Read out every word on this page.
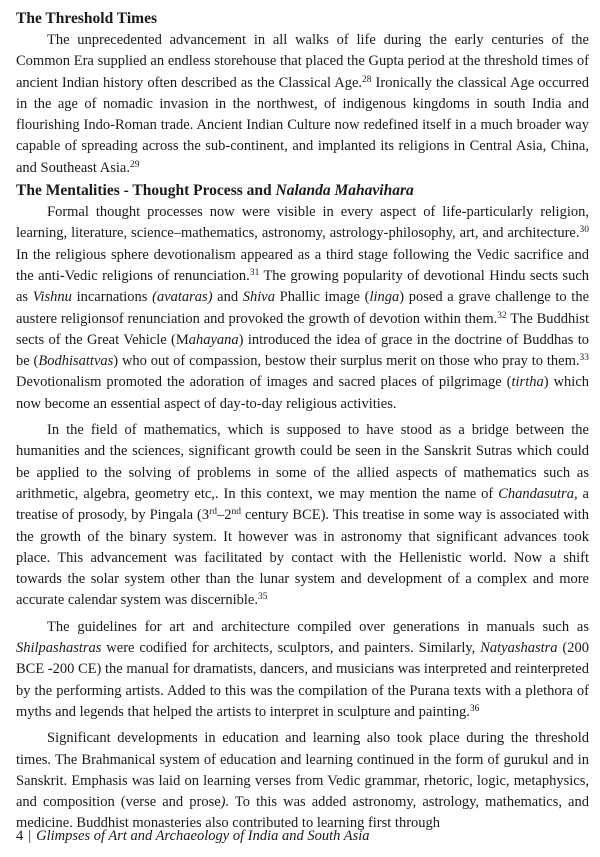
The Threshold Times

The unprecedented advancement in all walks of life during the early centuries of the Common Era supplied an endless storehouse that placed the Gupta period at the threshold times of ancient Indian history often described as the Classical Age.$^{28}$ Ironically the classical Age occurred in the age of nomadic invasion in the northwest, of indigenous kingdoms in south India and flourishing Indo-Roman trade. Ancient Indian Culture now redefined itself in a much broader way capable of spreading across the sub-continent, and implanted its religions in Central Asia, China, and Southeast Asia.$^{29}$

The Mentalities - Thought Process and Nalanda Mahavihara

Formal thought processes now were visible in every aspect of life-particularly religion, learning, literature, science–mathematics, astronomy, astrology-philosophy, art, and architecture.$^{30}$ In the religious sphere devotionalism appeared as a third stage following the Vedic sacrifice and the anti-Vedic religions of renunciation.$^{31}$ The growing popularity of devotional Hindu sects such as Vishnu incarnations (avataras) and Shiva Phallic image (linga) posed a grave challenge to the austere religionsof renunciation and provoked the growth of devotion within them.$^{32}$ The Buddhist sects of the Great Vehicle (Mahayana) introduced the idea of grace in the doctrine of Buddhas to be (Bodhisattvas) who out of compassion, bestow their surplus merit on those who pray to them.$^{33}$ Devotionalism promoted the adoration of images and sacred places of pilgrimage (tirtha) which now become an essential aspect of day-to-day religious activities.

In the field of mathematics, which is supposed to have stood as a bridge between the humanities and the sciences, significant growth could be seen in the Sanskrit Sutras which could be applied to the solving of problems in some of the allied aspects of mathematics such as arithmetic, algebra, geometry etc,. In this context, we may mention the name of Chandasutra, a treatise of prosody, by Pingala (3rd–2nd century BCE). This treatise in some way is associated with the growth of the binary system. It however was in astronomy that significant advances took place. This advancement was facilitated by contact with the Hellenistic world. Now a shift towards the solar system other than the lunar system and development of a complex and more accurate calendar system was discernible.$^{35}$

The guidelines for art and architecture compiled over generations in manuals such as Shilpashastras were codified for architects, sculptors, and painters. Similarly, Natyashastra (200 BCE -200 CE) the manual for dramatists, dancers, and musicians was interpreted and reinterpreted by the performing artists. Added to this was the compilation of the Purana texts with a plethora of myths and legends that helped the artists to interpret in sculpture and painting.$^{36}$

Significant developments in education and learning also took place during the threshold times. The Brahmanical system of education and learning continued in the form of gurukul and in Sanskrit. Emphasis was laid on learning verses from Vedic grammar, rhetoric, logic, metaphysics, and composition (verse and prose). To this was added astronomy, astrology, mathematics, and medicine. Buddhist monasteries also contributed to learning first through

4 | Glimpses of Art and Archaeology of India and South Asia
